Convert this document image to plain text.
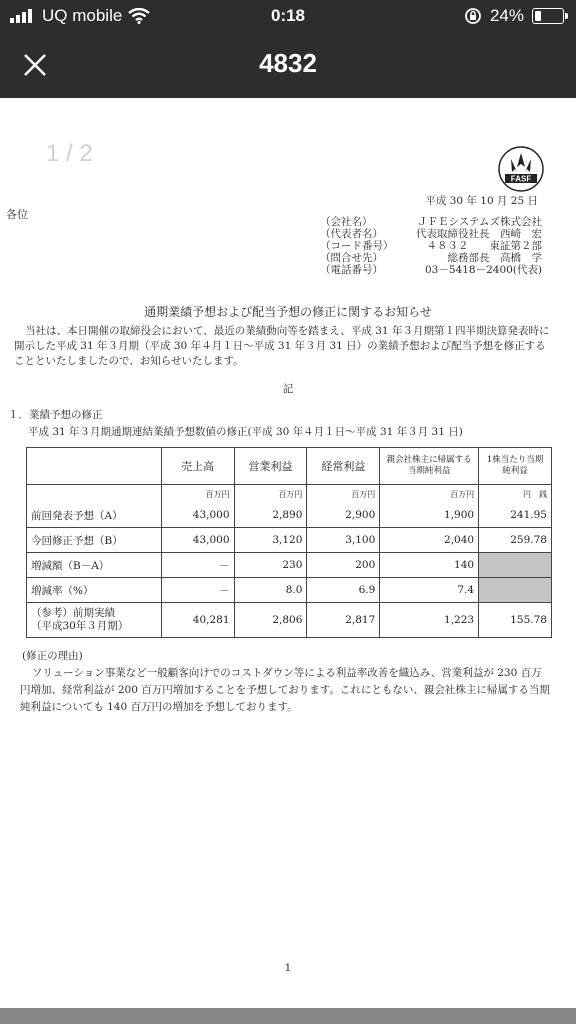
UQ mobile	0:18	24%
4832
1 / 2
FASF
平成 30 年 10 月 25 日
各位
（会社名）	ＪＦＥシステムズ株式会社
（代表者名）	代表取締役社長　西崎　宏
（コード番号）	４８３２　　東証第２部
（問合せ先）	総務部長　高橋　学
（電話番号）	03－5418－2400(代表)
通期業績予想および配当予想の修正に関するお知らせ
当社は、本日開催の取締役会において、最近の業績動向等を踏まえ、平成 31 年３月期第１四半期決算発表時に開示した平成 31 年３月期（平成 30 年４月１日～平成 31 年３月 31 日）の業績予想および配当予想を修正することといたしましたので、お知らせいたします。
記
１．業績予想の修正
平成 31 年３月期通期連結業績予想数値の修正(平成 30 年４月１日～平成 31 年３月 31 日)
	売上高	営業利益	経常利益	親会社株主に帰属する当期純利益	1株当たり当期純利益
	百万円	百万円	百万円	百万円	円　銭
前回発表予想（A）	43,000	2,890	2,900	1,900	241.95
今回修正予想（B）	43,000	3,120	3,100	2,040	259.78
増減額（B－A）	－	230	200	140	
増減率（%）	－	8.0	6.9	7.4	
（参考）前期実績
（平成30年３月期）	40,281	2,806	2,817	1,223	155.78
(修正の理由)
ソリューション事業など一般顧客向けでのコストダウン等による利益率改善を織込み、営業利益が 230 百万円増加、経常利益が 200 百万円増加することを予想しております。これにともない、親会社株主に帰属する当期純利益についても 140 百万円の増加を予想しております。
1
